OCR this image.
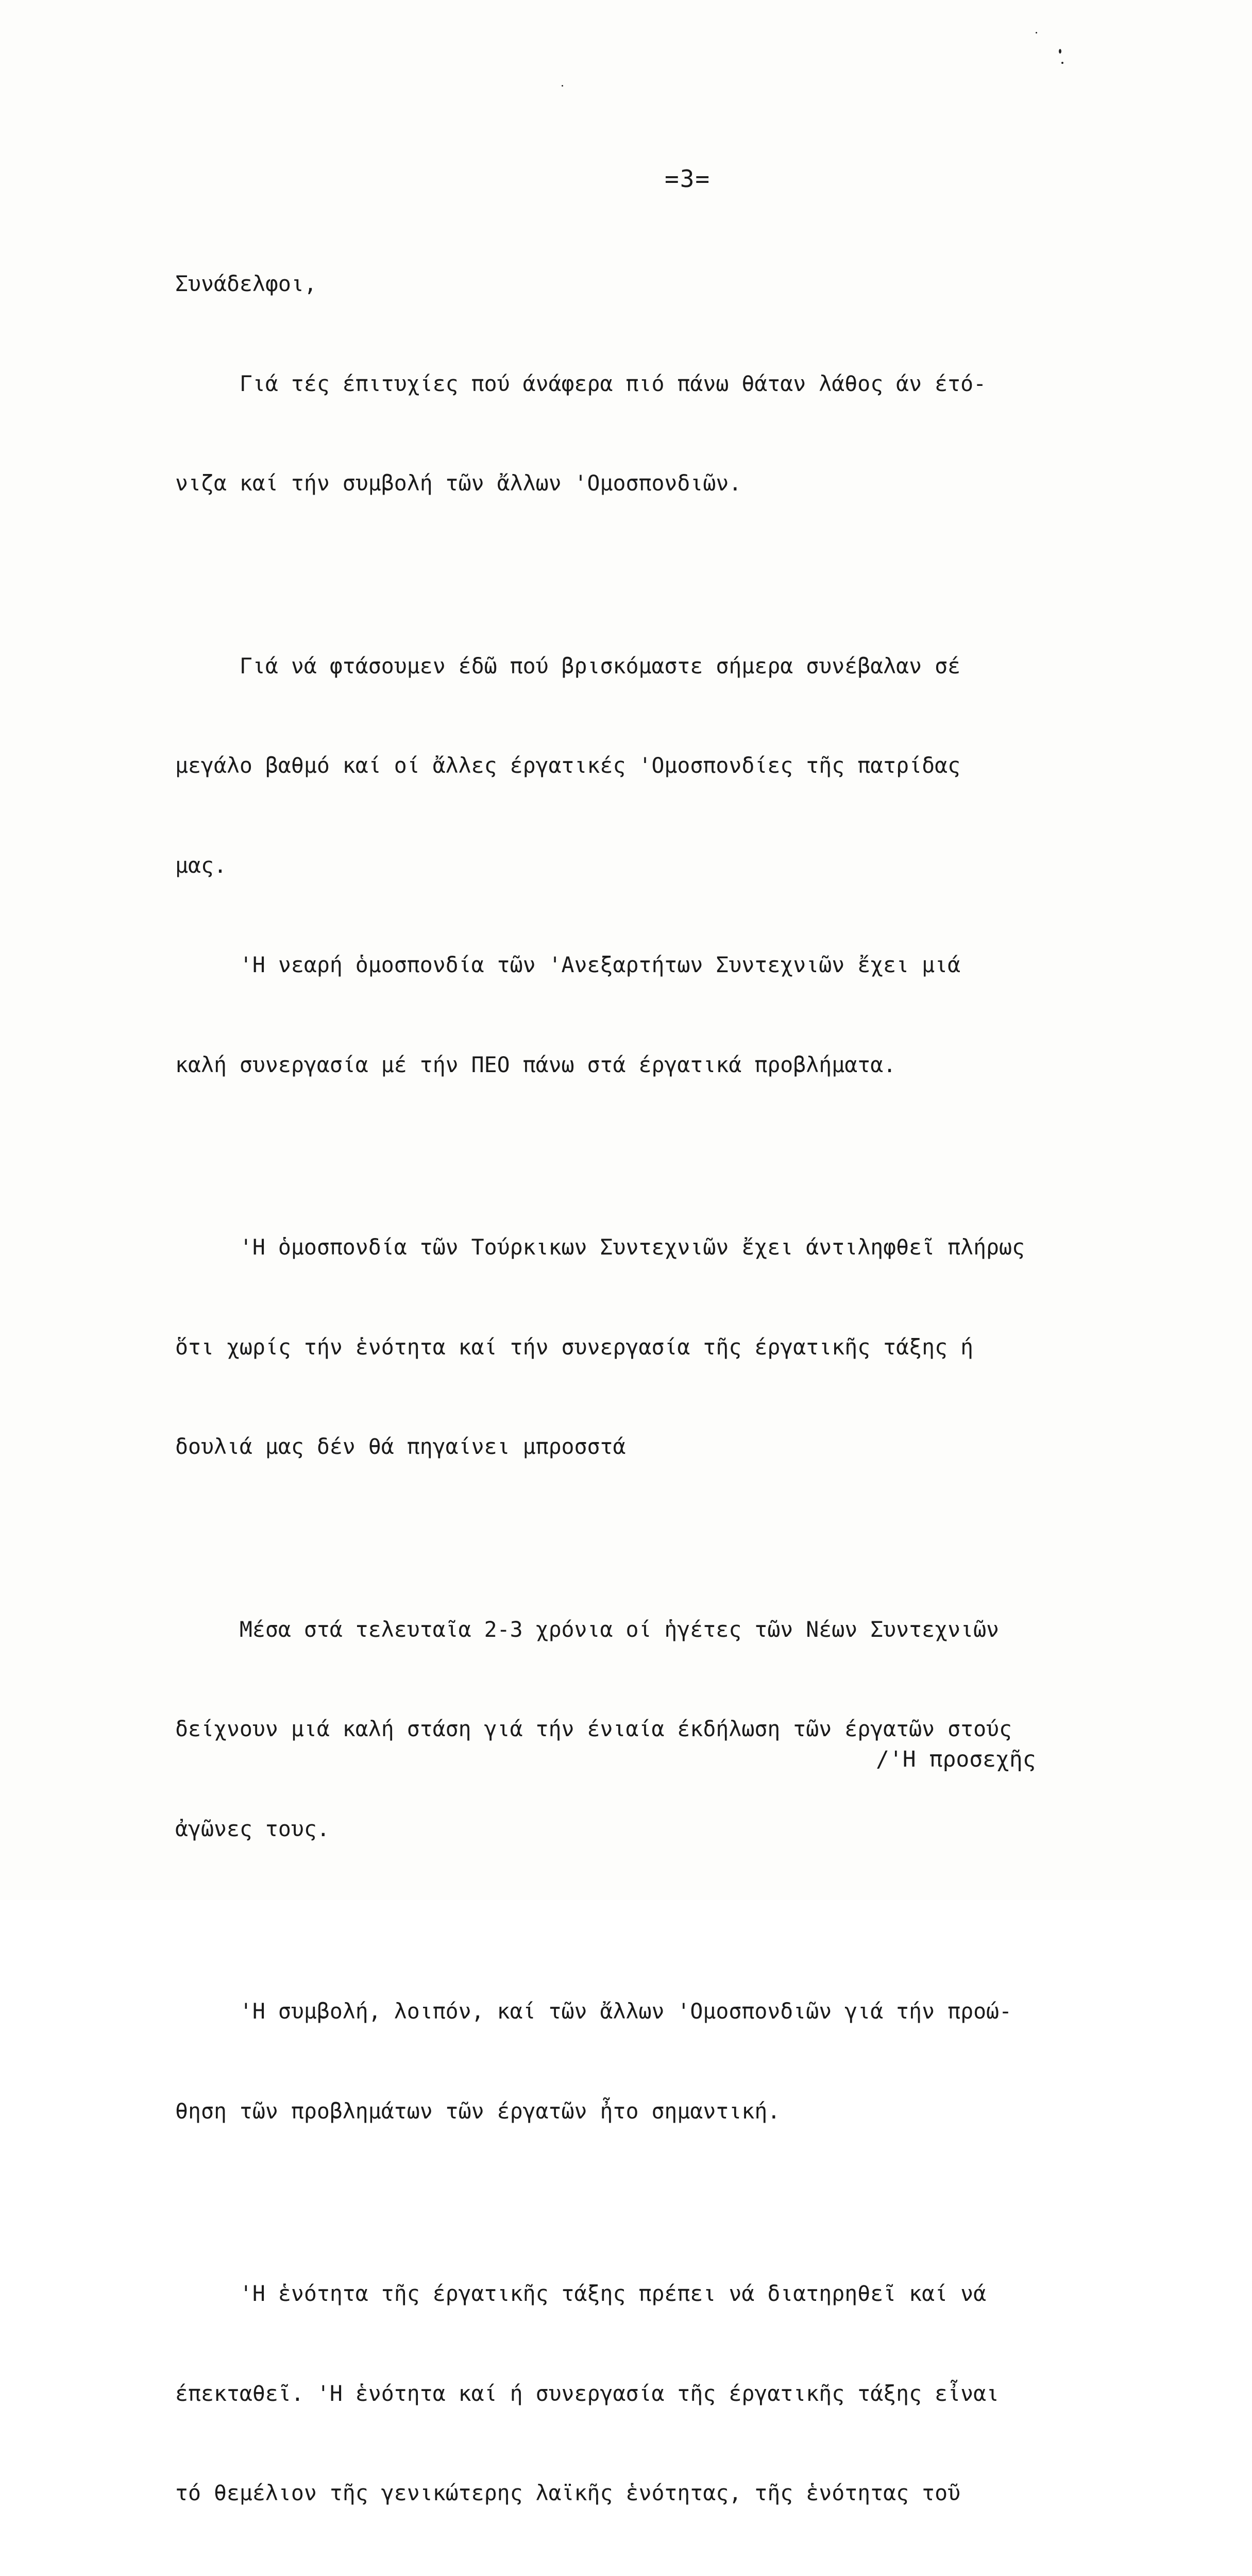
=3=

Συνάδελφοι,

Γιά τές έπιτυχίες πού άνάφερα πιό πάνω θάταν λάθος άν έτό-

νιζα καί τήν συμβολή τῶν ἄλλων 'Ομοσπονδιῶν.

Γιά νά φτάσουμεν έδῶ πού βρισκόμαστε σήμερα συνέβαλαν σέ

μεγάλο βαθμό καί οί ἄλλες έργατικές 'Ομοσπονδίες τῆς πατρίδας

μας.

'Η νεαρή ὁμοσπονδία τῶν 'Ανεξαρτήτων Συντεχνιῶν ἔχει μιά

καλή συνεργασία μέ τήν ΠΕΟ πάνω στά έργατικά προβλήματα.

'Η ὁμοσπονδία τῶν Τούρκικων Συντεχνιῶν ἔχει άντιληφθεῖ πλήρως

ὅτι χωρίς τήν ἑνότητα καί τήν συνεργασία τῆς έργατικῆς τάξης ή

δουλιά μας δέν θά πηγαίνει μπροσστά

Μέσα στά τελευταῖα 2-3 χρόνια οί ἡγέτες τῶν Νέων Συντεχνιῶν

δείχνουν μιά καλή στάση γιά τήν ένιαία έκδήλωση τῶν έργατῶν στούς

ἀγῶνες τους.

'Η συμβολή, λοιπόν, καί τῶν ἄλλων 'Ομοσπονδιῶν γιά τήν προώ-

θηση τῶν προβλημάτων τῶν έργατῶν ἦτο σημαντική.

'Η ἑνότητα τῆς έργατικῆς τάξης πρέπει νά διατηρηθεῖ καί νά

έπεκταθεῖ. 'Η ἑνότητα καί ή συνεργασία τῆς έργατικῆς τάξης εἶναι

τό θεμέλιον τῆς γενικώτερης λαϊκῆς ἑνότητας, τῆς ἑνότητας τοῦ

/'Η προσεχῆς
